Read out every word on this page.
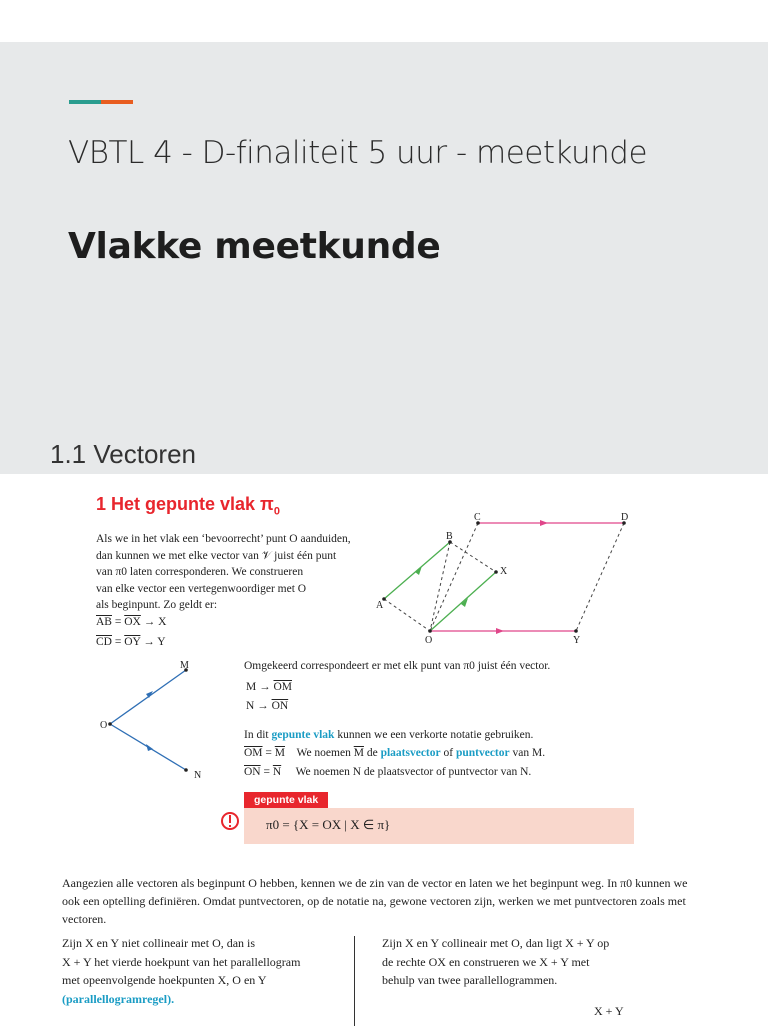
VBTL 4 - D-finaliteit 5 uur - meetkunde
Vlakke meetkunde
1.1 Vectoren
1 Het gepunte vlak $\pi_0$
Als we in het vlak een ‘bevoorrecht’ punt O aanduiden,
dan kunnen we met elke vector van 𝒱 juist één punt
van π0 laten corresponderen. We construeren
van elke vector een vertegenwoordiger met O
als beginpunt. Zo geldt er:
$\overline{AB} = \overline{OX} \to X$
$\overline{CD} = \overline{OY} \to Y$
A
B
C	D
X
O	Y
O
M
N
Omgekeerd correspondeert er met elk punt van π0 juist één vector.
$M \to \overline{OM}$
$N \to \overline{ON}$
In dit gepunte vlak kunnen we een verkorte notatie gebruiken.
$\overline{OM} = \overline{M}$ We noemen $\overline{M}$ de plaatsvector of puntvector van M.
$\overline{ON} = \overline{N}$ We noemen N de plaatsvector of puntvector van N.
gepunte vlak
π0 = {X = OX | X ∈ π}
Aangezien alle vectoren als beginpunt O hebben, kennen we de zin van de vector en laten we het beginpunt weg. In π0 kunnen we ook een optelling definiëren. Omdat puntvectoren, op de notatie na, gewone vectoren zijn, werken we met puntvectoren zoals met vectoren.
Zijn X en Y niet collineair met O, dan is
X + Y het vierde hoekpunt van het parallellogram
met opeenvolgende hoekpunten X, O en Y
(parallellogramregel).
Zijn X en Y collineair met O, dan ligt X + Y op
de rechte OX en construeren we X + Y met
behulp van twee parallellogrammen.
X + Y
